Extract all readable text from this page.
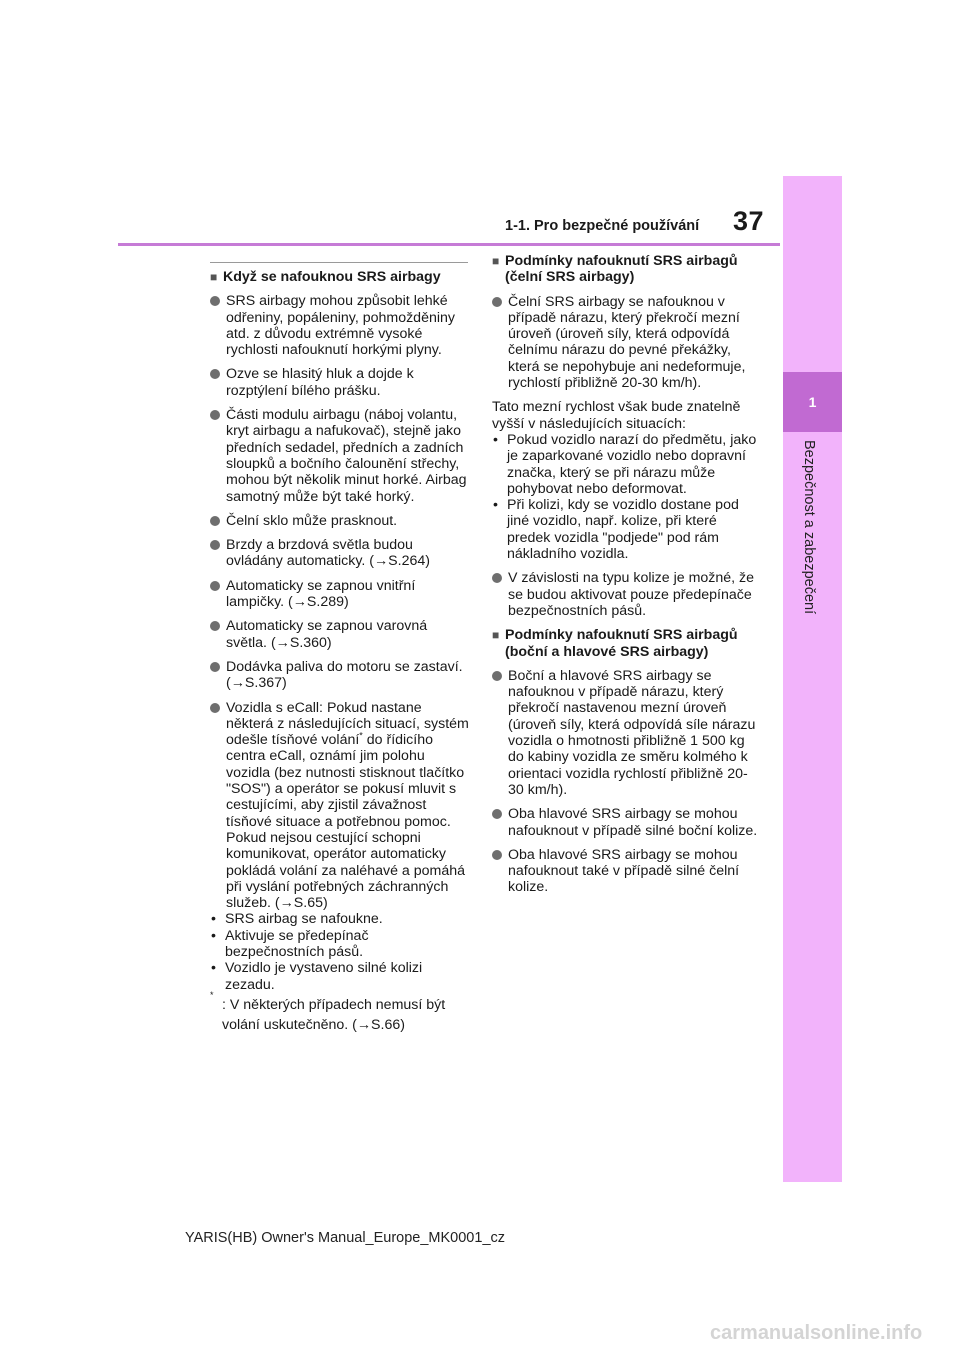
1
Bezpečnost a zabezpečení
37
1-1. Pro bezpečné používání
■ Když se nafouknou SRS airbagy
SRS airbagy mohou způsobit lehké odřeniny, popáleniny, pohmožděniny atd. z důvodu extrémně vysoké rychlosti nafouknutí horkými plyny.
Ozve se hlasitý hluk a dojde k rozptýlení bílého prášku.
Části modulu airbagu (náboj volantu, kryt airbagu a nafukovač), stejně jako předních sedadel, předních a zadních sloupků a bočního čalounění střechy, mohou být několik minut horké. Airbag samotný může být také horký.
Čelní sklo může prasknout.
Brzdy a brzdová světla budou ovládány automaticky. (→S.264)
Automaticky se zapnou vnitřní lampičky. (→S.289)
Automaticky se zapnou varovná světla. (→S.360)
Dodávka paliva do motoru se zastaví. (→S.367)
Vozidla s eCall: Pokud nastane některá z následujících situací, systém odešle tísňové volání* do řídicího centra eCall, oznámí jim polohu vozidla (bez nutnosti stisknout tlačítko "SOS") a operátor se pokusí mluvit s cestujícími, aby zjistil závažnost tísňové situace a potřebnou pomoc. Pokud nejsou cestující schopni komunikovat, operátor automaticky pokládá volání za naléhavé a pomáhá při vyslání potřebných záchranných služeb. (→S.65)
• SRS airbag se nafoukne.
• Aktivuje se předepínač bezpečnostních pásů.
• Vozidlo je vystaveno silné kolizi zezadu.
*
: V některých případech nemusí být volání uskutečněno. (→S.66)
■ Podmínky nafouknutí SRS airbagů (čelní SRS airbagy)
Čelní SRS airbagy se nafouknou v případě nárazu, který překročí mezní úroveň (úroveň síly, která odpovídá čelnímu nárazu do pevné překážky, která se nepohybuje ani nedeformuje, rychlostí přibližně 20-30 km/h).
Tato mezní rychlost však bude znatelně vyšší v následujících situacích:
• Pokud vozidlo narazí do předmětu, jako je zaparkované vozidlo nebo dopravní značka, který se při nárazu může pohybovat nebo deformovat.
• Při kolizi, kdy se vozidlo dostane pod jiné vozidlo, např. kolize, při které predek vozidla "podjede" pod rám nákladního vozidla.
V závislosti na typu kolize je možné, že se budou aktivovat pouze předepínače bezpečnostních pásů.
■ Podmínky nafouknutí SRS airbagů (boční a hlavové SRS airbagy)
Boční a hlavové SRS airbagy se nafouknou v případě nárazu, který překročí nastavenou mezní úroveň (úroveň síly, která odpovídá síle nárazu vozidla o hmotnosti přibližně 1 500 kg do kabiny vozidla ze směru kolmého k orientaci vozidla rychlostí přibližně 20-30 km/h).
Oba hlavové SRS airbagy se mohou nafouknout v případě silné boční kolize.
Oba hlavové SRS airbagy se mohou nafouknout také v případě silné čelní kolize.
YARIS(HB) Owner's Manual_Europe_MK0001_cz
carmanualsonline.info
